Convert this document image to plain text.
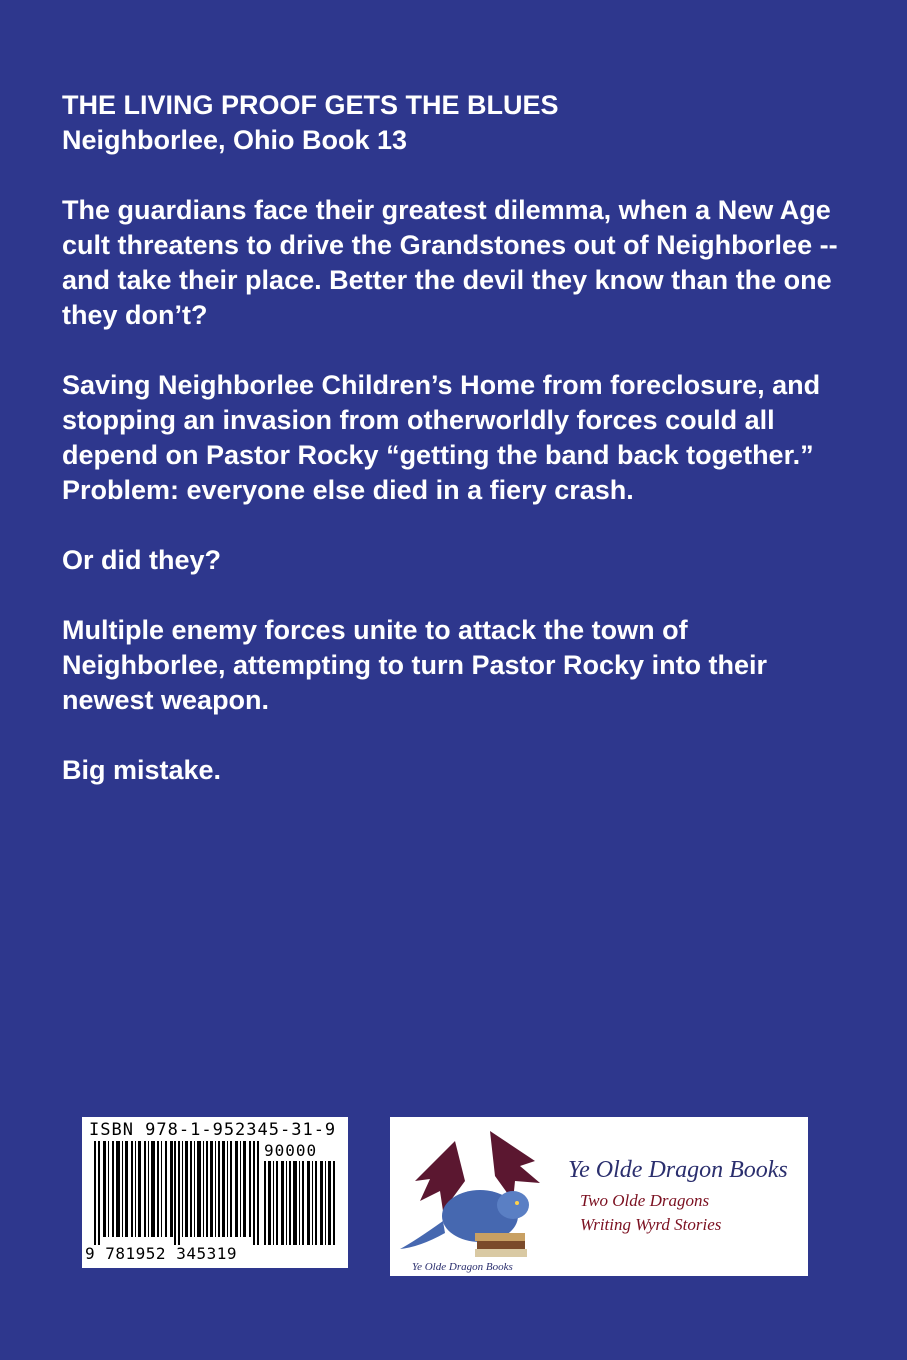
THE LIVING PROOF GETS THE BLUES
Neighborlee, Ohio Book 13

The guardians face their greatest dilemma, when a New Age cult threatens to drive the Grandstones out of Neighborlee -- and take their place. Better the devil they know than the one they don’t?

Saving Neighborlee Children’s Home from foreclosure, and stopping an invasion from otherworldly forces could all depend on Pastor Rocky “getting the band back together.” Problem: everyone else died in a fiery crash.

Or did they?

Multiple enemy forces unite to attack the town of Neighborlee, attempting to turn Pastor Rocky into their newest weapon.

Big mistake.

ISBN 978-1-952345-31-9
90000
9 781952 345319
Ye Olde Dragon Books
Two Olde Dragons
Writing Wyrd Stories
Ye Olde Dragon Books
